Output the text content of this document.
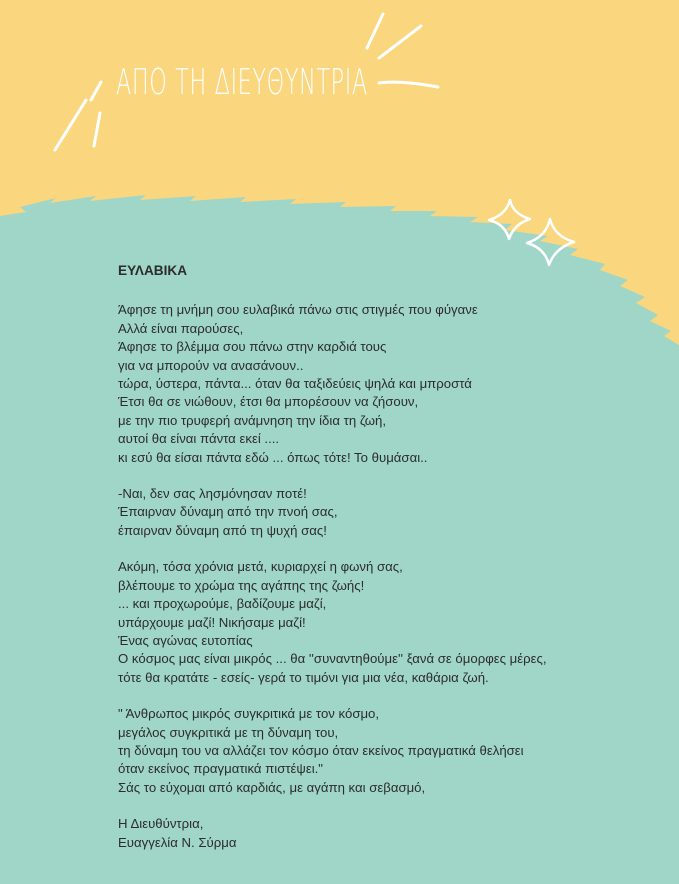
ΑΠΟ ΤΗ ΔΙΕΥΘΥΝΤΡΙΑ
ΕΥΛΑΒΙΚΑ
Άφησε τη μνήμη σου ευλαβικά πάνω στις στιγμές που φύγανε
Αλλά είναι παρούσες,
Άφησε το βλέμμα σου πάνω στην καρδιά τους
για να μπορούν να ανασάνουν..
τώρα, ύστερα, πάντα... όταν θα ταξιδεύεις ψηλά και μπροστά
Έτσι θα σε νιώθουν, έτσι θα μπορέσουν να ζήσουν,
με την πιο τρυφερή ανάμνηση την ίδια τη ζωή,
αυτοί θα είναι πάντα εκεί ....
κι εσύ θα είσαι πάντα εδώ ... όπως τότε! Το θυμάσαι..
-Ναι, δεν σας λησμόνησαν ποτέ!
Έπαιρναν δύναμη από την πνοή σας,
έπαιρναν δύναμη από τη ψυχή σας!
Ακόμη, τόσα χρόνια μετά, κυριαρχεί η φωνή σας,
βλέπουμε το χρώμα της αγάπης της ζωής!
... και προχωρούμε, βαδίζουμε μαζί,
υπάρχουμε μαζί! Νικήσαμε μαζί!
Ένας αγώνας ευτοπίας
Ο κόσμος μας είναι μικρός ... θα ''συναντηθούμε'' ξανά σε όμορφες μέρες,
τότε θα κρατάτε - εσείς- γερά το τιμόνι για μια νέα, καθάρια ζωή.
" Άνθρωπος μικρός συγκριτικά με τον κόσμο,
μεγάλος συγκριτικά με τη δύναμη του,
τη δύναμη του να αλλάζει τον κόσμο όταν εκείνος πραγματικά θελήσει
όταν εκείνος πραγματικά πιστέψει."
Σάς το εύχομαι από καρδιάς, με αγάπη και σεβασμό,
Η Διευθύντρια,
Ευαγγελία Ν. Σύρμα
